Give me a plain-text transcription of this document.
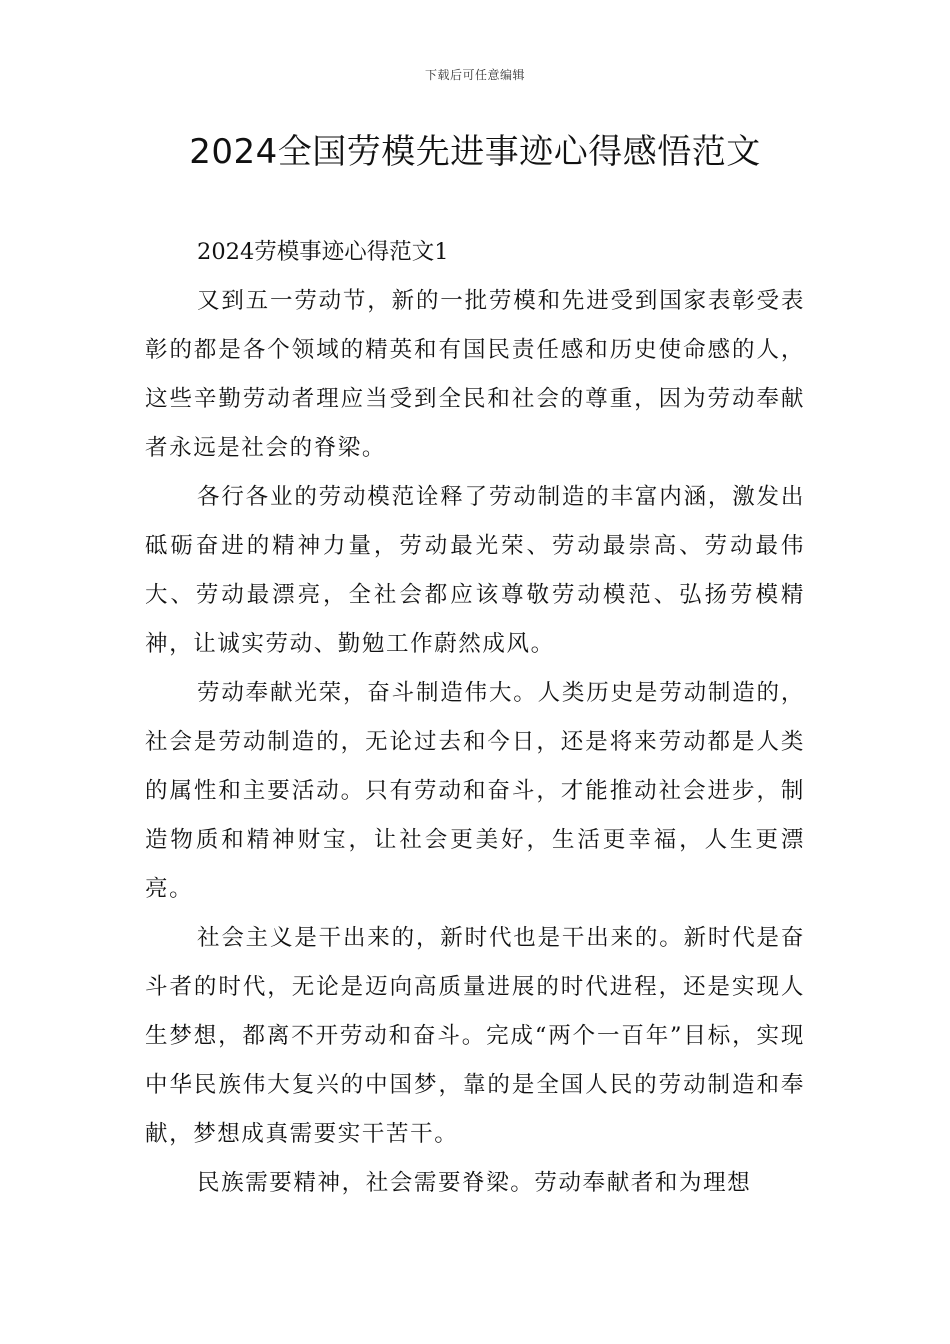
下载后可任意编辑
2024全国劳模先进事迹心得感悟范文

2024劳模事迹心得范文1

又到五一劳动节，新的一批劳模和先进受到国家表彰受表彰的都是各个领域的精英和有国民责任感和历史使命感的人，这些辛勤劳动者理应当受到全民和社会的尊重，因为劳动奉献者永远是社会的脊梁。

各行各业的劳动模范诠释了劳动制造的丰富内涵，激发出砥砺奋进的精神力量，劳动最光荣、劳动最崇高、劳动最伟大、劳动最漂亮，全社会都应该尊敬劳动模范、弘扬劳模精神，让诚实劳动、勤勉工作蔚然成风。

劳动奉献光荣，奋斗制造伟大。人类历史是劳动制造的，社会是劳动制造的，无论过去和今日，还是将来劳动都是人类的属性和主要活动。只有劳动和奋斗，才能推动社会进步，制造物质和精神财宝，让社会更美好，生活更幸福，人生更漂亮。

社会主义是干出来的，新时代也是干出来的。新时代是奋斗者的时代，无论是迈向高质量进展的时代进程，还是实现人生梦想，都离不开劳动和奋斗。完成“两个一百年”目标，实现中华民族伟大复兴的中国梦，靠的是全国人民的劳动制造和奉献，梦想成真需要实干苦干。

民族需要精神，社会需要脊梁。劳动奉献者和为理想
